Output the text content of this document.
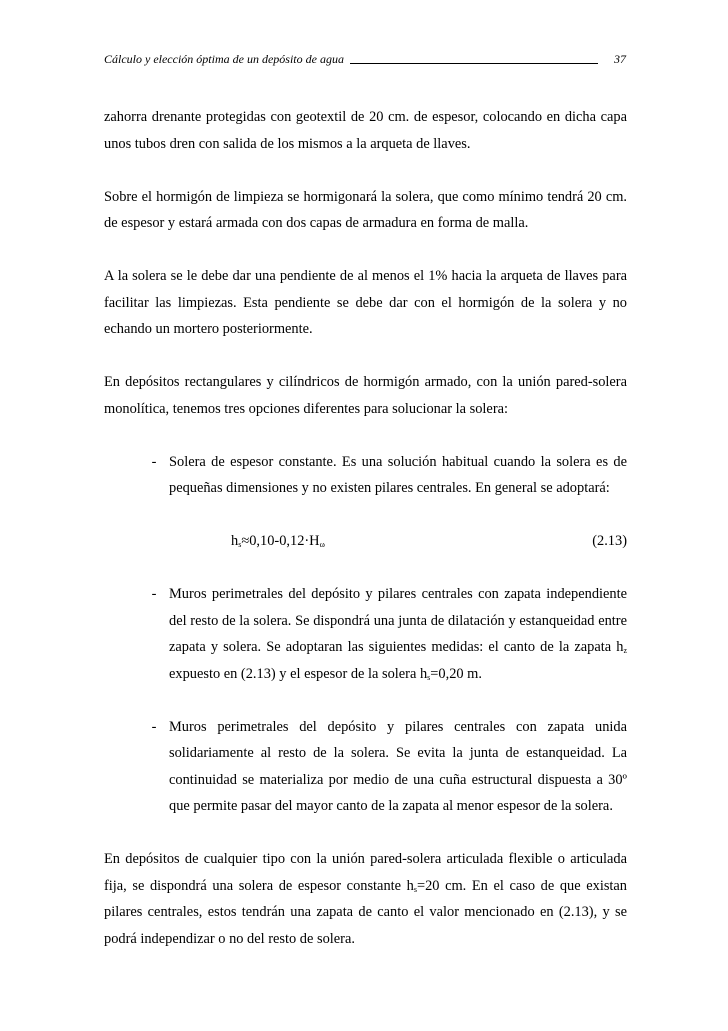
Cálculo y elección óptima de un depósito de agua	37

zahorra drenante protegidas con geotextil de 20 cm. de espesor, colocando en dicha capa unos tubos dren con salida de los mismos a la arqueta de llaves.

Sobre el hormigón de limpieza se hormigonará la solera, que como mínimo tendrá 20 cm. de espesor y estará armada con dos capas de armadura en forma de malla.

A la solera se le debe dar una pendiente de al menos el 1% hacia la arqueta de llaves para facilitar las limpiezas. Esta pendiente se debe dar con el hormigón de la solera y no echando un mortero posteriormente.

En depósitos rectangulares y cilíndricos de hormigón armado, con la unión pared-solera monolítica, tenemos tres opciones diferentes para solucionar la solera:

- Solera de espesor constante. Es una solución habitual cuando la solera es de pequeñas dimensiones y no existen pilares centrales. En general se adoptará:
$h_s\approx 0,10-0,12\cdot H_\omega$	(2.13)
- Muros perimetrales del depósito y pilares centrales con zapata independiente del resto de la solera. Se dispondrá una junta de dilatación y estanqueidad entre zapata y solera. Se adoptaran las siguientes medidas: el canto de la zapata $h_z$ expuesto en (2.13) y el espesor de la solera $h_s=0,20$ m.
- Muros perimetrales del depósito y pilares centrales con zapata unida solidariamente al resto de la solera. Se evita la junta de estanqueidad. La continuidad se materializa por medio de una cuña estructural dispuesta a 30º que permite pasar del mayor canto de la zapata al menor espesor de la solera.

En depósitos de cualquier tipo con la unión pared-solera articulada flexible o articulada fija, se dispondrá una solera de espesor constante $h_s=20$ cm. En el caso de que existan pilares centrales, estos tendrán una zapata de canto el valor mencionado en (2.13), y se podrá independizar o no del resto de solera.
